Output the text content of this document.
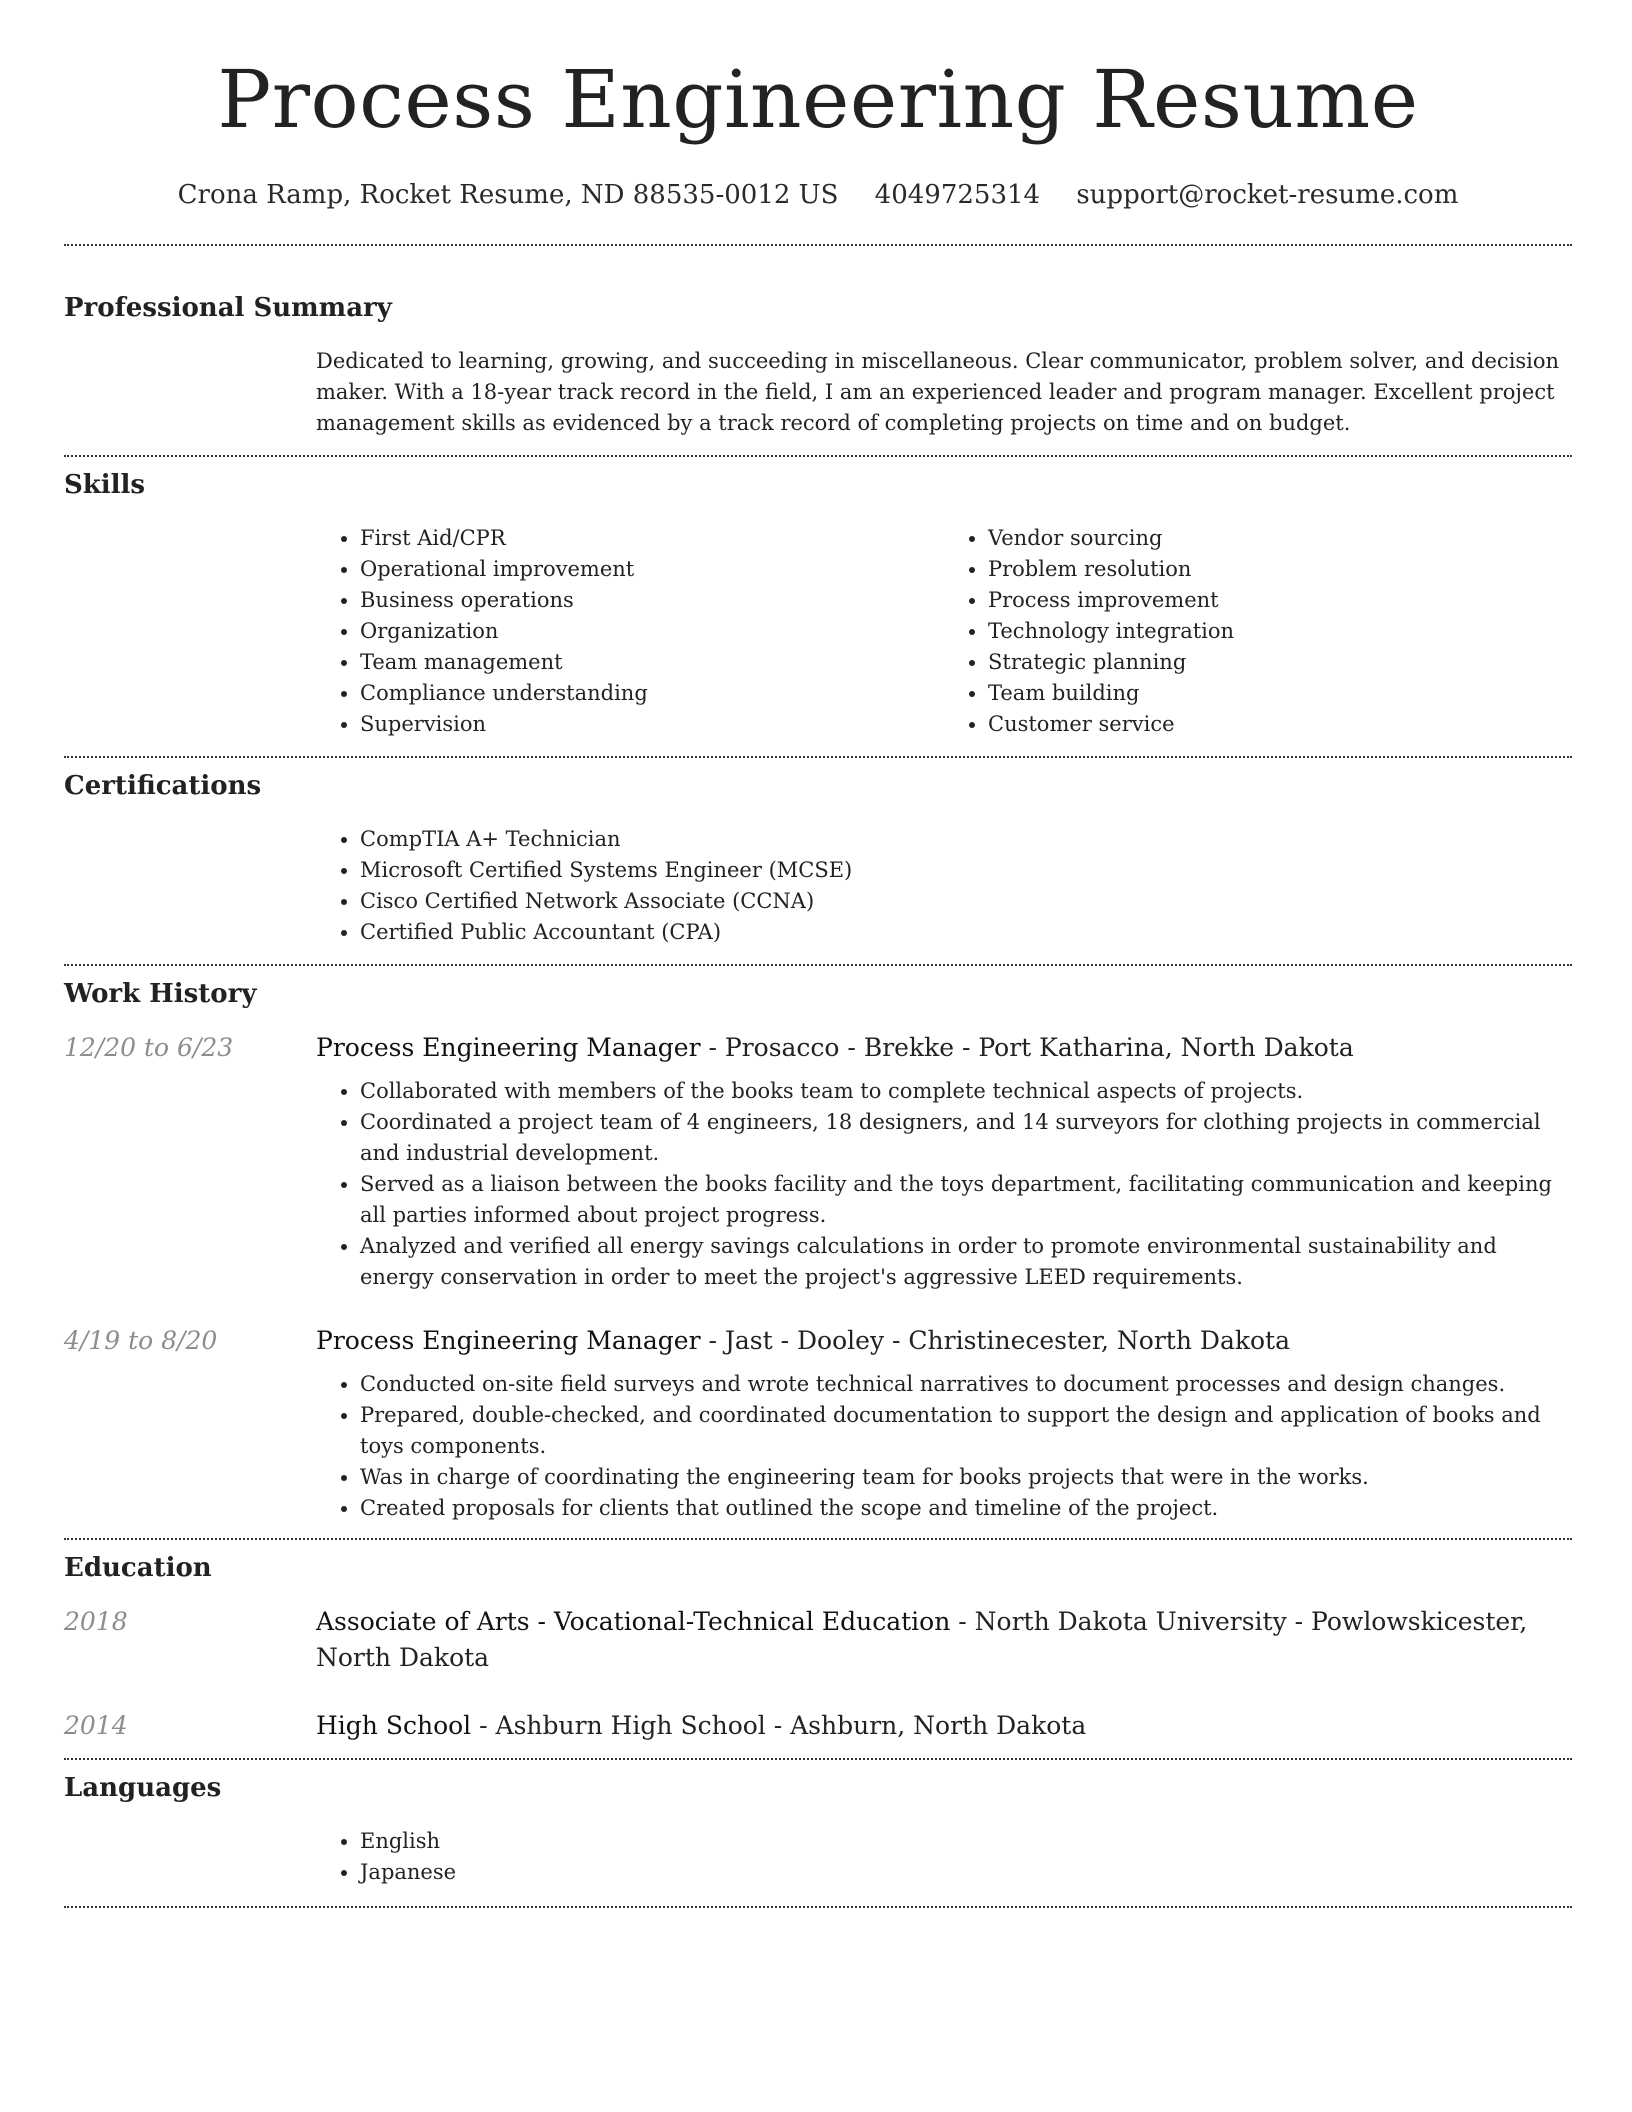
Process Engineering Resume
Crona Ramp, Rocket Resume, ND 88535-0012 US 4049725314 support@rocket-resume.com
Professional Summary
Dedicated to learning, growing, and succeeding in miscellaneous. Clear communicator, problem solver, and decision maker. With a 18-year track record in the field, I am an experienced leader and program manager. Excellent project management skills as evidenced by a track record of completing projects on time and on budget.
Skills
• First Aid/CPR
• Operational improvement
• Business operations
• Organization
• Team management
• Compliance understanding
• Supervision
• Vendor sourcing
• Problem resolution
• Process improvement
• Technology integration
• Strategic planning
• Team building
• Customer service
Certifications
• CompTIA A+ Technician
• Microsoft Certified Systems Engineer (MCSE)
• Cisco Certified Network Associate (CCNA)
• Certified Public Accountant (CPA)
Work History
12/20 to 6/23	Process Engineering Manager - Prosacco - Brekke - Port Katharina, North Dakota
• Collaborated with members of the books team to complete technical aspects of projects.
• Coordinated a project team of 4 engineers, 18 designers, and 14 surveyors for clothing projects in commercial and industrial development.
• Served as a liaison between the books facility and the toys department, facilitating communication and keeping all parties informed about project progress.
• Analyzed and verified all energy savings calculations in order to promote environmental sustainability and energy conservation in order to meet the project's aggressive LEED requirements.
4/19 to 8/20	Process Engineering Manager - Jast - Dooley - Christinecester, North Dakota
• Conducted on-site field surveys and wrote technical narratives to document processes and design changes.
• Prepared, double-checked, and coordinated documentation to support the design and application of books and toys components.
• Was in charge of coordinating the engineering team for books projects that were in the works.
• Created proposals for clients that outlined the scope and timeline of the project.
Education
2018	Associate of Arts - Vocational-Technical Education - North Dakota University - Powlowskicester, North Dakota
2014	High School - Ashburn High School - Ashburn, North Dakota
Languages
• English
• Japanese
